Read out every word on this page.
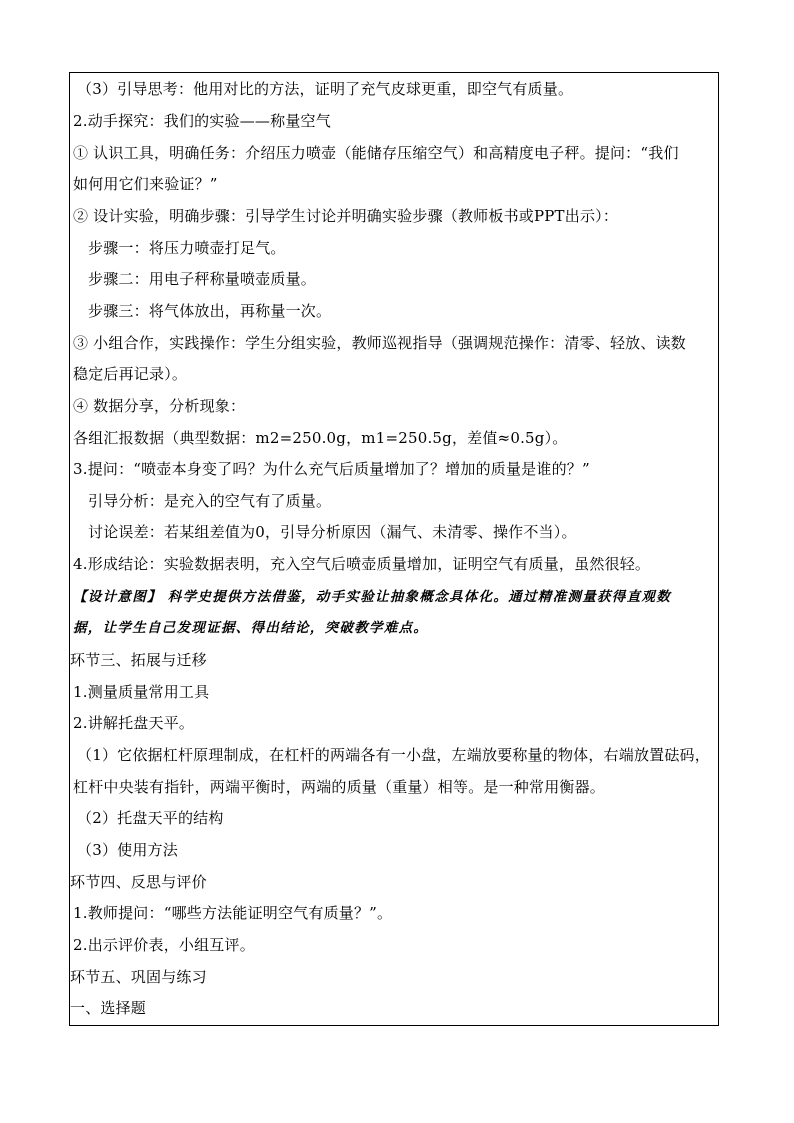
（3）引导思考：他用对比的方法，证明了充气皮球更重，即空气有质量。
2.动手探究：我们的实验——称量空气
① 认识工具，明确任务：介绍压力喷壶（能储存压缩空气）和高精度电子秤。提问：“我们
如何用它们来验证？”
② 设计实验，明确步骤：引导学生讨论并明确实验步骤（教师板书或PPT出示）：
步骤一：将压力喷壶打足气。
步骤二：用电子秤称量喷壶质量。
步骤三：将气体放出，再称量一次。
③ 小组合作，实践操作：学生分组实验，教师巡视指导（强调规范操作：清零、轻放、读数
稳定后再记录）。
④ 数据分享，分析现象：
各组汇报数据（典型数据：m2=250.0g，m1=250.5g，差值≈0.5g）。
3.提问：“喷壶本身变了吗？为什么充气后质量增加了？增加的质量是谁的？”
引导分析：是充入的空气有了质量。
讨论误差：若某组差值为0，引导分析原因（漏气、未清零、操作不当）。
4.形成结论：实验数据表明，充入空气后喷壶质量增加，证明空气有质量，虽然很轻。
【设计意图】 科学史提供方法借鉴，动手实验让抽象概念具体化。通过精准测量获得直观数
据，让学生自己发现证据、得出结论，突破教学难点。
环节三、拓展与迁移
1.测量质量常用工具
2.讲解托盘天平。
（1）它依据杠杆原理制成，在杠杆的两端各有一小盘，左端放要称量的物体，右端放置砝码，
杠杆中央装有指针，两端平衡时，两端的质量（重量）相等。是一种常用衡器。
（2）托盘天平的结构
（3）使用方法
环节四、反思与评价
1.教师提问：“哪些方法能证明空气有质量？”。
2.出示评价表，小组互评。
环节五、巩固与练习
一、选择题
